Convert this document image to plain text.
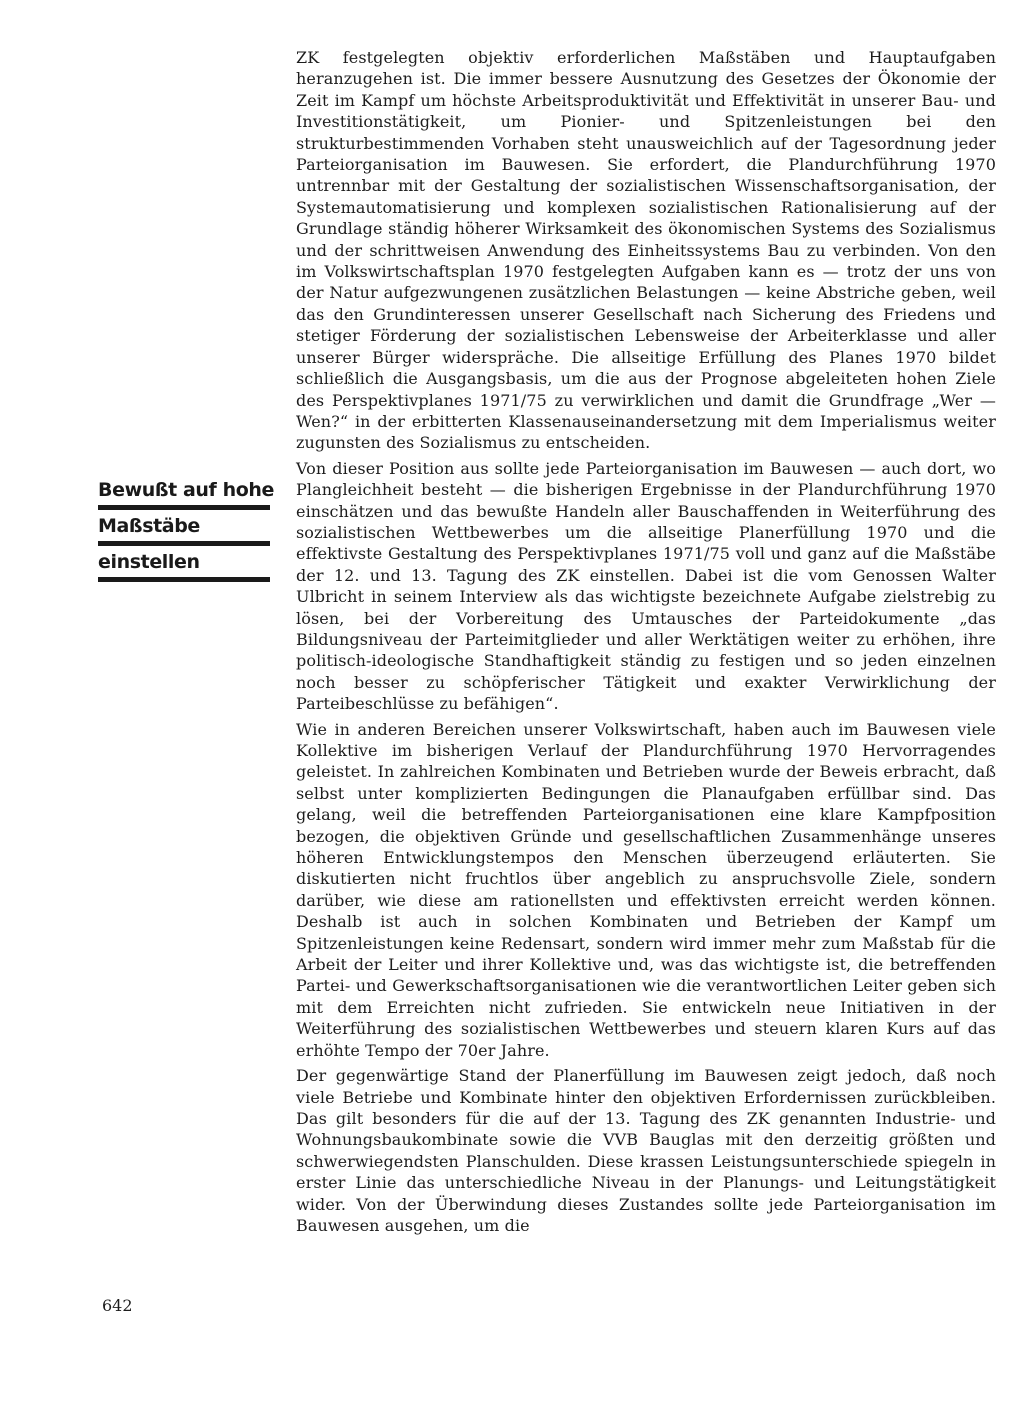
Bewußt auf hohe
Maßstäbe
einstellen

ZK festgelegten objektiv erforderlichen Maßstäben und Hauptaufgaben heranzugehen ist. Die immer bessere Ausnutzung des Gesetzes der Ökonomie der Zeit im Kampf um höchste Arbeitsproduktivität und Effektivität in unserer Bau- und Investitionstätigkeit, um Pionier- und Spitzenleistungen bei den strukturbestimmenden Vorhaben steht unausweichlich auf der Tagesordnung jeder Parteiorganisation im Bauwesen. Sie erfordert, die Plandurchführung 1970 untrennbar mit der Gestaltung der sozialistischen Wissenschaftsorganisation, der Systemautomatisierung und komplexen sozialistischen Rationalisierung auf der Grundlage ständig höherer Wirksamkeit des ökonomischen Systems des Sozialismus und der schrittweisen Anwendung des Einheitssystems Bau zu verbinden. Von den im Volkswirtschaftsplan 1970 festgelegten Aufgaben kann es — trotz der uns von der Natur aufgezwungenen zusätzlichen Belastungen — keine Abstriche geben, weil das den Grundinteressen unserer Gesellschaft nach Sicherung des Friedens und stetiger Förderung der sozialistischen Lebensweise der Arbeiterklasse und aller unserer Bürger widerspräche. Die allseitige Erfüllung des Planes 1970 bildet schließlich die Ausgangsbasis, um die aus der Prognose abgeleiteten hohen Ziele des Perspektivplanes 1971/75 zu verwirklichen und damit die Grundfrage „Wer — Wen?“ in der erbitterten Klassenauseinandersetzung mit dem Imperialismus weiter zugunsten des Sozialismus zu entscheiden.

Von dieser Position aus sollte jede Parteiorganisation im Bauwesen — auch dort, wo Plangleichheit besteht — die bisherigen Ergebnisse in der Plandurchführung 1970 einschätzen und das bewußte Handeln aller Bauschaffenden in Weiterführung des sozialistischen Wettbewerbes um die allseitige Planerfüllung 1970 und die effektivste Gestaltung des Perspektivplanes 1971/75 voll und ganz auf die Maßstäbe der 12. und 13. Tagung des ZK einstellen. Dabei ist die vom Genossen Walter Ulbricht in seinem Interview als das wichtigste bezeichnete Aufgabe zielstrebig zu lösen, bei der Vorbereitung des Umtausches der Parteidokumente „das Bildungsniveau der Parteimitglieder und aller Werktätigen weiter zu erhöhen, ihre politisch-ideologische Standhaftigkeit ständig zu festigen und so jeden einzelnen noch besser zu schöpferischer Tätigkeit und exakter Verwirklichung der Parteibeschlüsse zu befähigen“.

Wie in anderen Bereichen unserer Volkswirtschaft, haben auch im Bauwesen viele Kollektive im bisherigen Verlauf der Plandurchführung 1970 Hervorragendes geleistet. In zahlreichen Kombinaten und Betrieben wurde der Beweis erbracht, daß selbst unter komplizierten Bedingungen die Planaufgaben erfüllbar sind. Das gelang, weil die betreffenden Parteiorganisationen eine klare Kampfposition bezogen, die objektiven Gründe und gesellschaftlichen Zusammenhänge unseres höheren Entwicklungstempos den Menschen überzeugend erläuterten. Sie diskutierten nicht fruchtlos über angeblich zu anspruchsvolle Ziele, sondern darüber, wie diese am rationellsten und effektivsten erreicht werden können. Deshalb ist auch in solchen Kombinaten und Betrieben der Kampf um Spitzenleistungen keine Redensart, sondern wird immer mehr zum Maßstab für die Arbeit der Leiter und ihrer Kollektive und, was das wichtigste ist, die betreffenden Partei- und Gewerkschaftsorganisationen wie die verantwortlichen Leiter geben sich mit dem Erreichten nicht zufrieden. Sie entwickeln neue Initiativen in der Weiterführung des sozialistischen Wettbewerbes und steuern klaren Kurs auf das erhöhte Tempo der 70er Jahre.

Der gegenwärtige Stand der Planerfüllung im Bauwesen zeigt jedoch, daß noch viele Betriebe und Kombinate hinter den objektiven Erfordernissen zurückbleiben. Das gilt besonders für die auf der 13. Tagung des ZK genannten Industrie- und Wohnungsbaukombinate sowie die VVB Bauglas mit den derzeitig größten und schwerwiegendsten Planschulden. Diese krassen Leistungsunterschiede spiegeln in erster Linie das unterschiedliche Niveau in der Planungs- und Leitungstätigkeit wider. Von der Überwindung dieses Zustandes sollte jede Parteiorganisation im Bauwesen ausgehen, um die

642
